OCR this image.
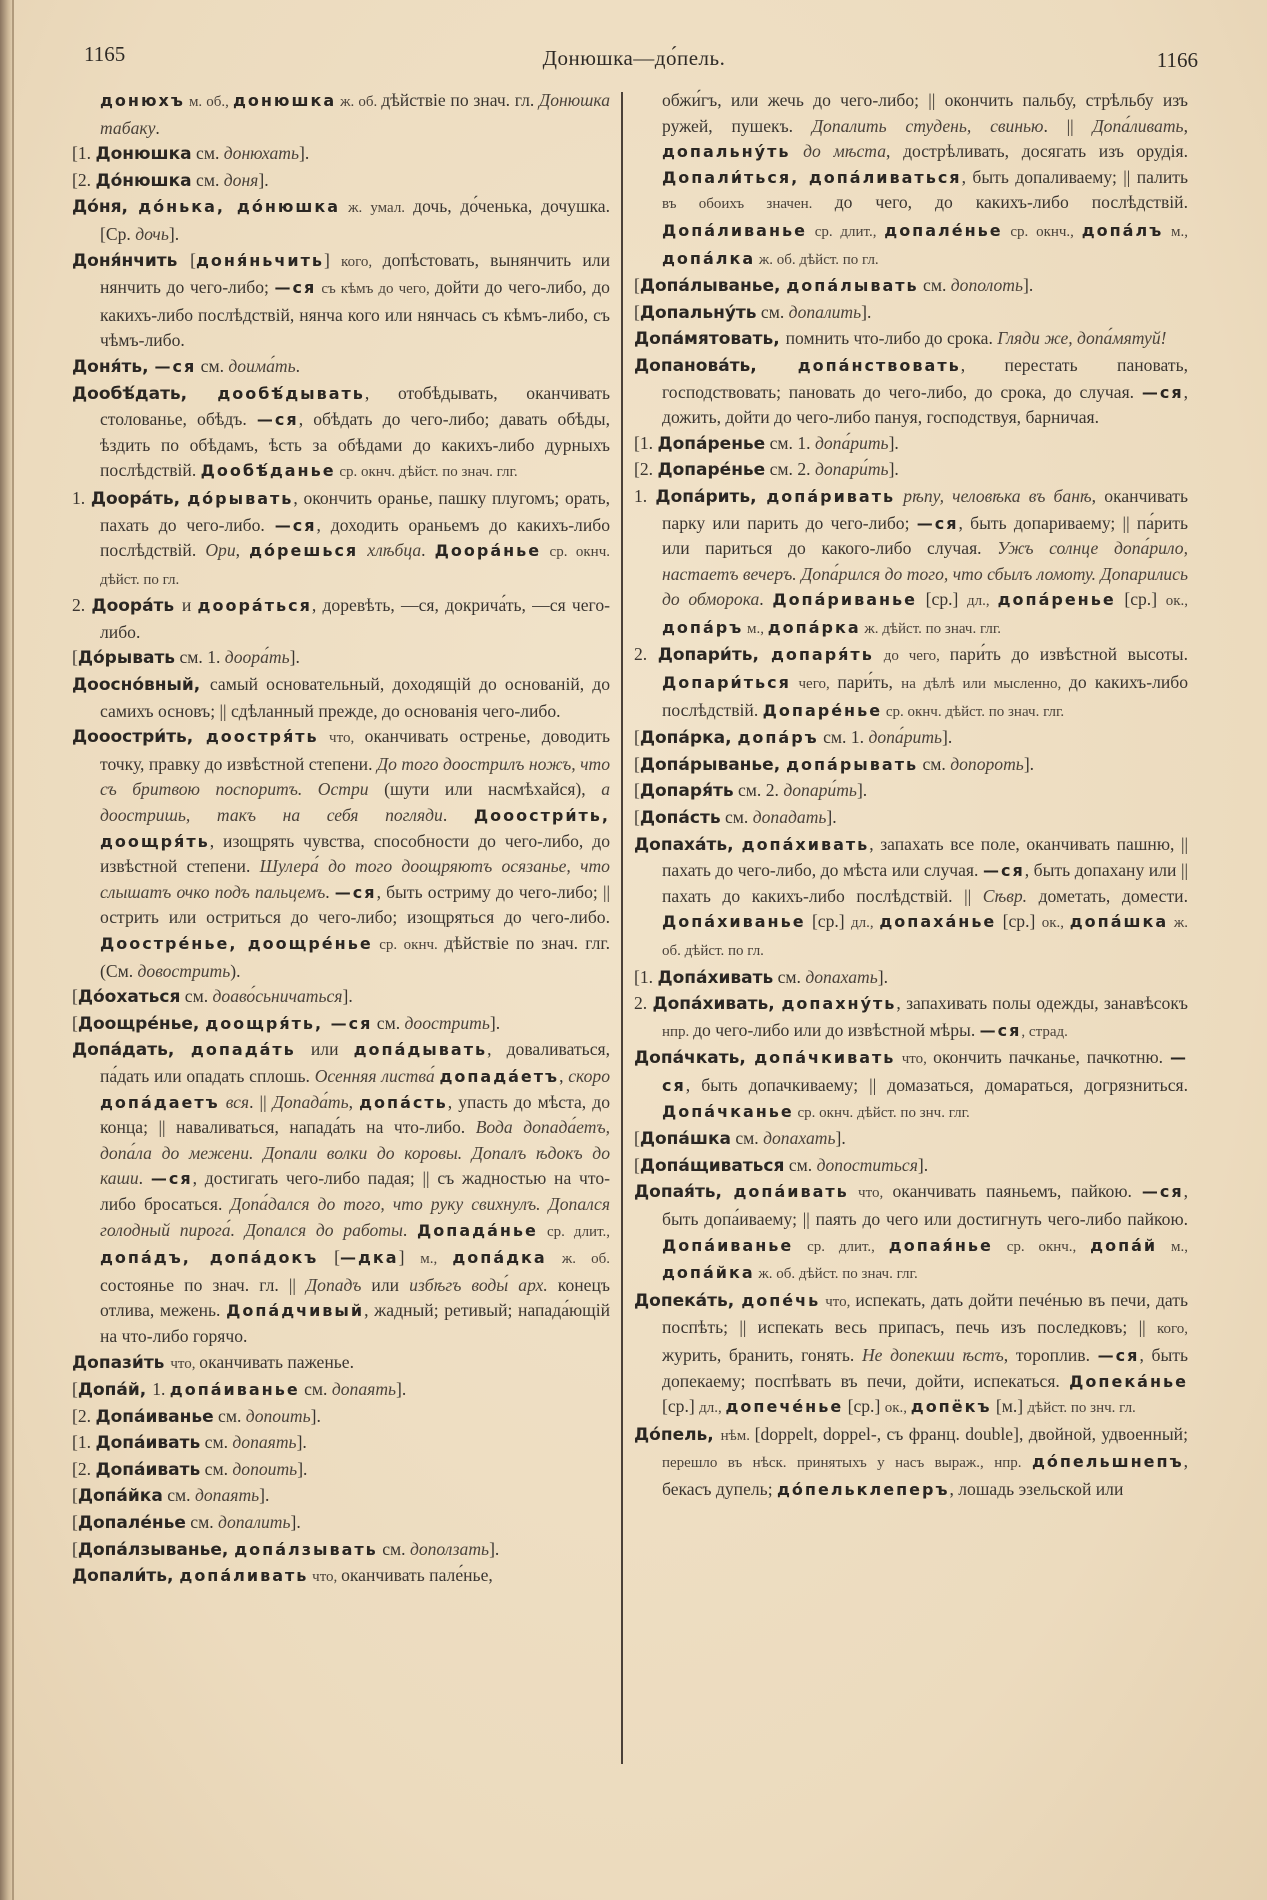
1165	Донюшка—до́пель.	1166

донюхъ м. об., донюшка ж. об. дѣйствіе по знач. гл. Донюшка табаку.

[1. Донюшка см. донюхать].

[2. До́нюшка см. доня].

До́ня, до́нька, до́нюшка ж. умал. дочь, до́ченька, дочушка. [Ср. дочь].

Доня́нчить [доня́ньчить] кого, допѣстовать, вынянчить или нянчить до чего-либо; —ся съ кѣмъ до чего, дойти до чего-либо, до какихъ-либо послѣдствій, нянча кого или нянчась съ кѣмъ-либо, съ чѣмъ-либо.

Доня́ть, —ся см. доима́ть.

Дообѣ́дать, дообѣ́дывать, отобѣдывать, оканчивать столованье, обѣдъ. —ся, обѣдать до чего-либо; давать обѣды, ѣздить по обѣдамъ, ѣсть за обѣдами до какихъ-либо дурныхъ послѣдствій. Дообѣ́данье ср. окнч. дѣйст. по знач. глг.

1. Доора́ть, до́рывать, окончить оранье, пашку плугомъ; орать, пахать до чего-либо. —ся, доходить ораньемъ до какихъ-либо послѣдствій. Ори, до́решься хлѣбца. Доора́нье ср. окнч. дѣйст. по гл.

2. Доора́ть и доора́ться, доревѣть, —ся, докрича́ть, —ся чего-либо.

[До́рывать см. 1. доора́ть].

Доосно́вный, самый основательный, доходящій до основаній, до самихъ основъ; || сдѣланный прежде, до основанія чего-либо.

Дооостри́ть, доостря́ть что, оканчивать остренье, доводить точку, правку до извѣстной степени. До того доострилъ ножъ, что съ бритвою поспоритъ. Остри (шути или насмѣхайся), а доостришь, такъ на себя погляди. Дооостри́ть, доощря́ть, изощрять чувства, способности до чего-либо, до извѣстной степени. Шулера́ до того доощряютъ осязанье, что слышатъ очко подъ пальцемъ. —ся, быть остриму до чего-либо; || острить или остриться до чего-либо; изощряться до чего-либо. Доостре́нье, доощре́нье ср. окнч. дѣйствіе по знач. глг. (См. довострить).

[До́охаться см. доаво́сьничаться].

[Доощре́нье, доощря́ть, —ся см. доострить].

Допа́дать, допада́ть или допа́дывать, доваливаться, па́дать или опадать сплошь. Осенняя листва́ допада́етъ, скоро допа́даетъ вся. || Допада́ть, допа́сть, упасть до мѣста, до конца; || наваливаться, напада́ть на что-либо. Вода допада́етъ, допа́ла до межени. Допали волки до коровы. Допалъ ѣдокъ до каши. —ся, достигать чего-либо падая; || съ жадностью на что-либо бросаться. Допа́дался до того, что руку свихнулъ. Допался голодный пирога́. Допался до работы. Допада́нье ср. длит., допа́дъ, допа́докъ [—дка] м., допа́дка ж. об. состоянье по знач. гл. || Допадъ или избѣгъ воды́ арх. конецъ отлива, межень. Допа́дчивый, жадный; ретивый; напада́ющій на что-либо горячо.

Допази́ть что, оканчивать паженье.

[Допа́й, 1. допа́иванье см. допаять].

[2. Допа́иванье см. допоить].

[1. Допа́ивать см. допаять].

[2. Допа́ивать см. допоить].

[Допа́йка см. допаять].

[Допале́нье см. допалить].

[Допа́лзыванье, допа́лзывать см. доползать].

Допали́ть, допа́ливать что, оканчивать пале́нье,

обжи́гъ, или жечь до чего-либо; || окончить пальбу, стрѣльбу изъ ружей, пушекъ. Допалить студень, свинью. || Допа́ливать, допальну́ть до мѣста, дострѣливать, досягать изъ орудія. Допали́ться, допа́ливаться, быть допаливаему; || палить въ обоихъ значен. до чего, до какихъ-либо послѣдствій. Допа́ливанье ср. длит., допале́нье ср. окнч., допа́лъ м., допа́лка ж. об. дѣйст. по гл.

[Допа́лыванье, допа́лывать см. дополоть].

[Допальну́ть см. допалить].

Допа́мятовать, помнить что-либо до срока. Гляди же, допа́мятуй!

Допанова́ть, допа́нствовать, перестать пановать, господствовать; пановать до чего-либо, до срока, до случая. —ся, дожить, дойти до чего-либо пануя, господствуя, барничая.

[1. Допа́ренье см. 1. допа́рить].

[2. Допаре́нье см. 2. допари́ть].

1. Допа́рить, допа́ривать рѣпу, человѣка въ банѣ, оканчивать парку или парить до чего-либо; —ся, быть допариваему; || па́рить или париться до какого-либо случая. Ужъ солнце допа́рило, настаетъ вечеръ. Допа́рился до того, что сбылъ ломоту. Допарились до обморока. Допа́риванье [ср.] дл., допа́ренье [ср.] ок., допа́ръ м., допа́рка ж. дѣйст. по знач. глг.

2. Допари́ть, допаря́ть до чего, пари́ть до извѣстной высоты. Допари́ться чего, пари́ть, на дѣлѣ или мысленно, до какихъ-либо послѣдствій. Допаре́нье ср. окнч. дѣйст. по знач. глг.

[Допа́рка, допа́ръ см. 1. допа́рить].

[Допа́рыванье, допа́рывать см. допороть].

[Допаря́ть см. 2. допари́ть].

[Допа́сть см. допадать].

Допаха́ть, допа́хивать, запахать все поле, оканчивать пашню, || пахать до чего-либо, до мѣста или случая. —ся, быть допахану или || пахать до какихъ-либо послѣдствій. || Сѣвр. дометать, домести. Допа́хиванье [ср.] дл., допаха́нье [ср.] ок., допа́шка ж. об. дѣйст. по гл.

[1. Допа́хивать см. допахать].

2. Допа́хивать, допахну́ть, запахивать полы одежды, занавѣсокъ нпр. до чего-либо или до извѣстной мѣры. —ся, страд.

Допа́чкать, допа́чкивать что, окончить пачканье, пачкотню. —ся, быть допачкиваему; || домазаться, домараться, догрязниться. Допа́чканье ср. окнч. дѣйст. по знч. глг.

[Допа́шка см. допахать].

[Допа́щиваться см. допоститься].

Допая́ть, допа́ивать что, оканчивать паяньемъ, пайкою. —ся, быть допа́иваему; || паять до чего или достигнуть чего-либо пайкою. Допа́иванье ср. длит., допая́нье ср. окнч., допа́й м., допа́йка ж. об. дѣйст. по знач. глг.

Допека́ть, допе́чь что, испекать, дать дойти печéнью въ печи, дать поспѣть; || испекать весь припасъ, печь изъ последковъ; || кого, журить, бранить, гонять. Не допекши ѣстъ, тороплив. —ся, быть допекаему; поспѣвать въ печи, дойти, испекаться. Допека́нье [ср.] дл., допече́нье [ср.] ок., допёкъ [м.] дѣйст. по знч. гл.

До́пель, нѣм. [doppelt, doppel-, съ франц. double], двойной, удвоенный; перешло въ нѣск. принятыхъ у насъ выраж., нпр. до́пельшнепъ, бекасъ дупель; до́пельклеперъ, лошадь эзельской или
